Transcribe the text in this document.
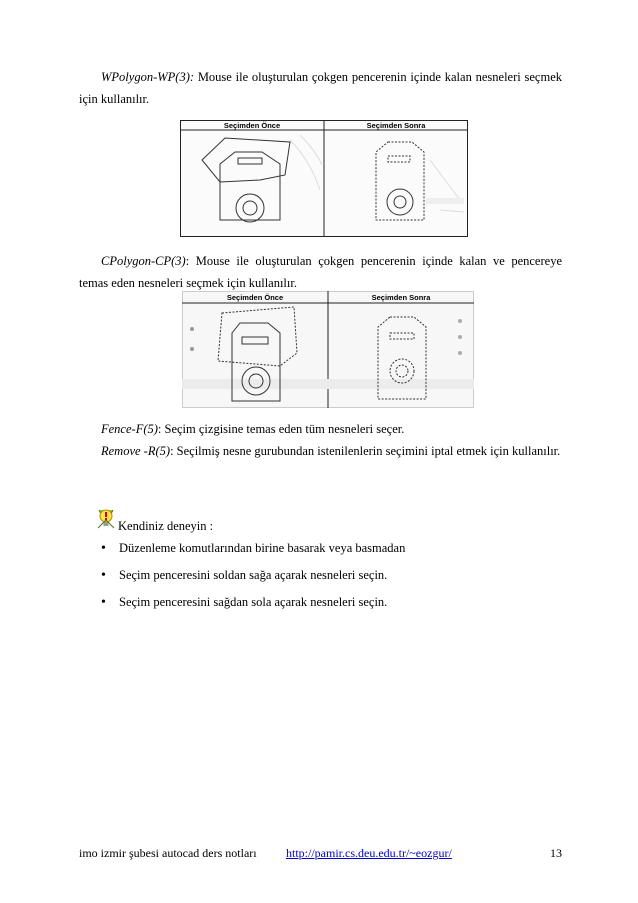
WPolygon-WP(3): Mouse ile oluşturulan çokgen pencerenin içinde kalan nesneleri seçmek için kullanılır.

Seçimden Önce	Seçimden Sonra

CPolygon-CP(3): Mouse ile oluşturulan çokgen pencerenin içinde kalan ve pencereye temas eden nesneleri seçmek için kullanılır.

Seçimden Önce	Seçimden Sonra

Fence-F(5): Seçim çizgisine temas eden tüm nesneleri seçer.

Remove -R(5): Seçilmiş nesne gurubundan istenilenlerin seçimini iptal etmek için kullanılır.

Kendiniz deneyin :
• Düzenleme komutlarından birine basarak veya basmadan
• Seçim penceresini soldan sağa açarak nesneleri seçin.
• Seçim penceresini sağdan sola açarak nesneleri seçin.
imo izmir şubesi autocad ders notları http://pamir.cs.deu.edu.tr/~eozgur/	13
